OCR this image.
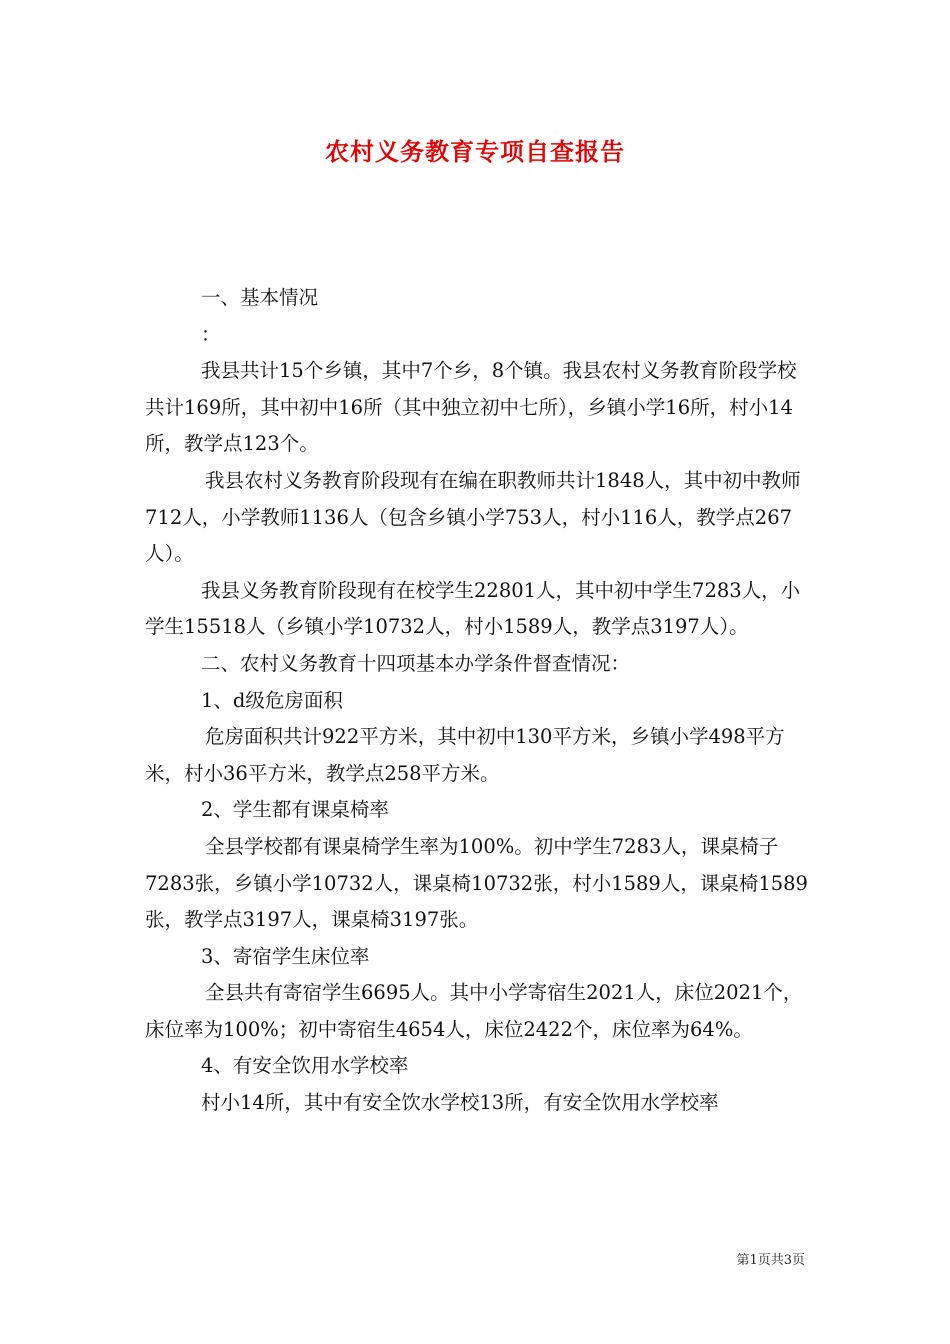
农村义务教育专项自查报告

一、基本情况

：

我县共计15个乡镇，其中7个乡，8个镇。我县农村义务教育阶段学校共计169所，其中初中16所（其中独立初中七所），乡镇小学16所，村小14所，教学点123个。

我县农村义务教育阶段现有在编在职教师共计1848人，其中初中教师712人，小学教师1136人（包含乡镇小学753人，村小116人，教学点267人）。

我县义务教育阶段现有在校学生22801人，其中初中学生7283人，小学生15518人（乡镇小学10732人，村小1589人，教学点3197人）。

二、农村义务教育十四项基本办学条件督查情况：

1、d级危房面积

危房面积共计922平方米，其中初中130平方米，乡镇小学498平方米，村小36平方米，教学点258平方米。

2、学生都有课桌椅率

全县学校都有课桌椅学生率为100%。初中学生7283人，课桌椅子7283张，乡镇小学10732人，课桌椅10732张，村小1589人，课桌椅1589张，教学点3197人，课桌椅3197张。

3、寄宿学生床位率

全县共有寄宿学生6695人。其中小学寄宿生2021人，床位2021个，床位率为100%；初中寄宿生4654人，床位2422个，床位率为64%。

4、有安全饮用水学校率

村小14所，其中有安全饮水学校13所，有安全饮用水学校率

第1页共3页
